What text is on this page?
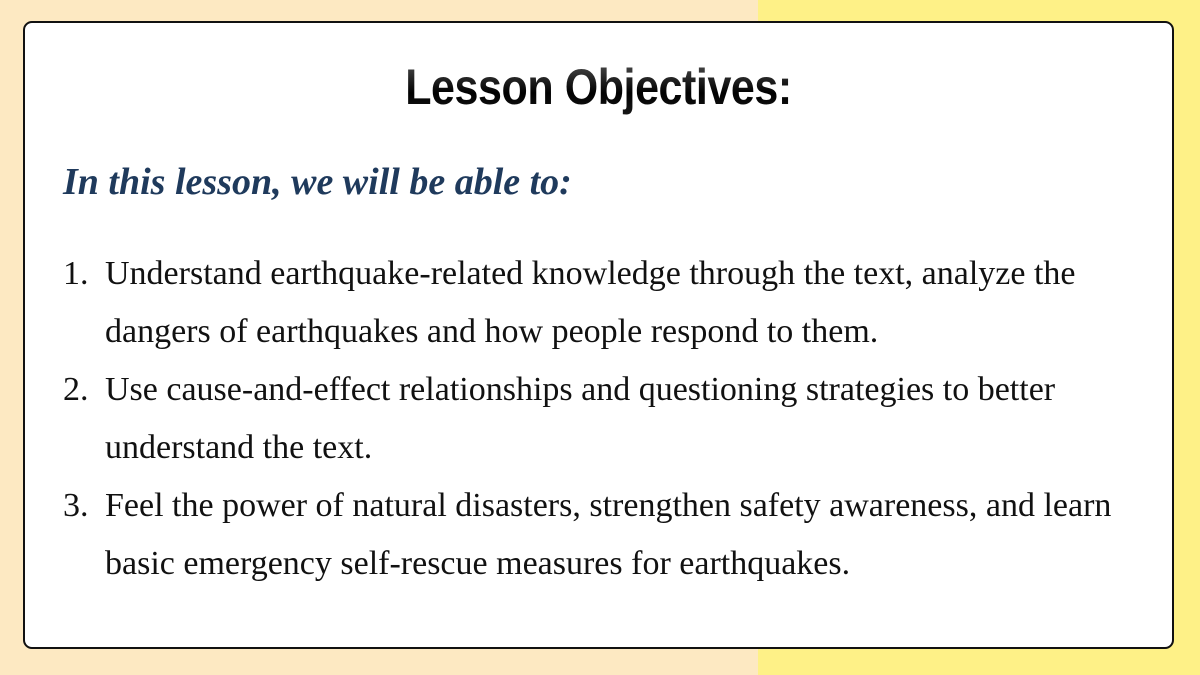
Lesson Objectives:
In this lesson, we will be able to:
1. Understand earthquake-related knowledge through the text, analyze the dangers of earthquakes and how people respond to them.
2. Use cause-and-effect relationships and questioning strategies to better understand the text.
3. Feel the power of natural disasters, strengthen safety awareness, and learn basic emergency self-rescue measures for earthquakes.
